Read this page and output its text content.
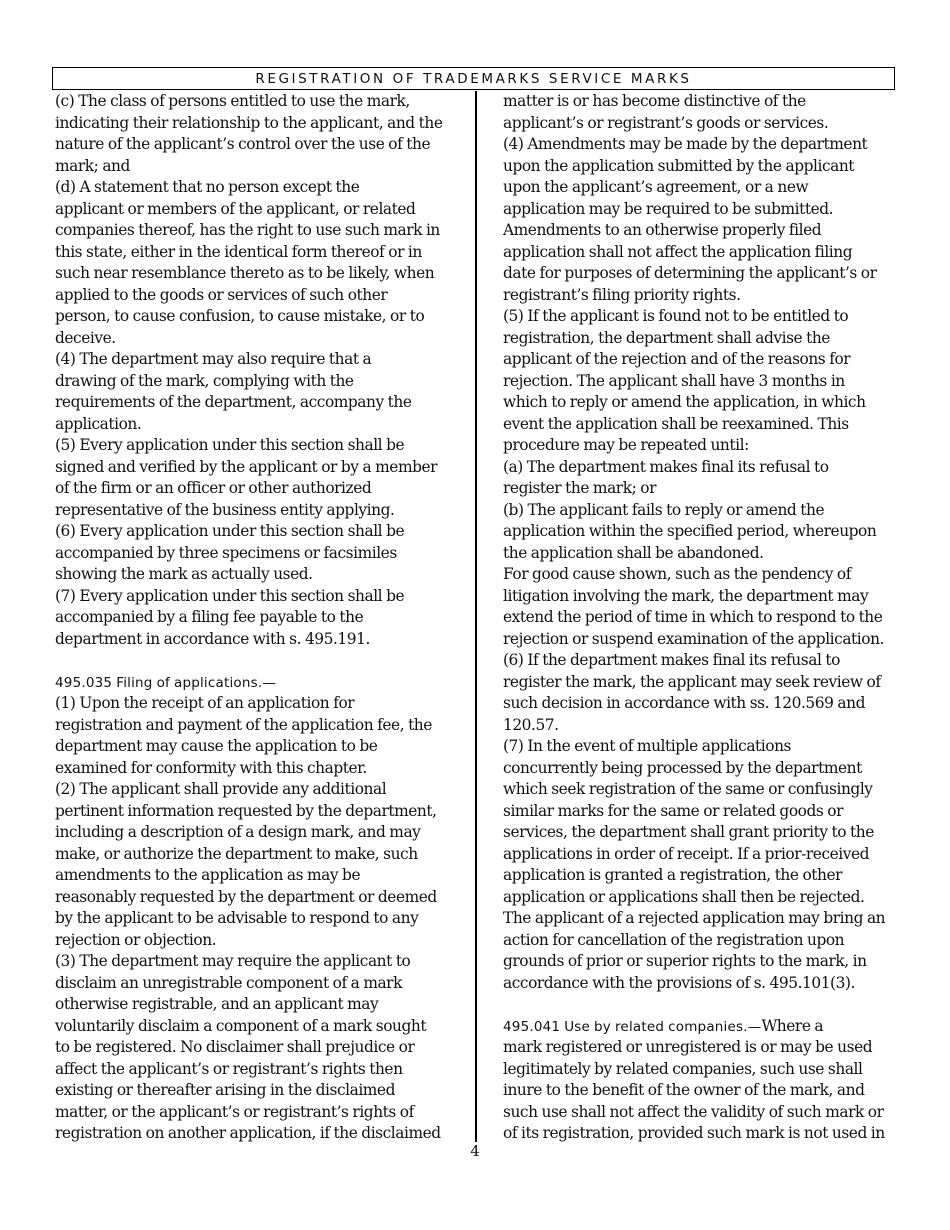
REGISTRATION OF TRADEMARKS SERVICE MARKS
(c) The class of persons entitled to use the mark,
indicating their relationship to the applicant, and the
nature of the applicant’s control over the use of the
mark; and
(d) A statement that no person except the
applicant or members of the applicant, or related
companies thereof, has the right to use such mark in
this state, either in the identical form thereof or in
such near resemblance thereto as to be likely, when
applied to the goods or services of such other
person, to cause confusion, to cause mistake, or to
deceive.
(4) The department may also require that a
drawing of the mark, complying with the
requirements of the department, accompany the
application.
(5) Every application under this section shall be
signed and verified by the applicant or by a member
of the firm or an officer or other authorized
representative of the business entity applying.
(6) Every application under this section shall be
accompanied by three specimens or facsimiles
showing the mark as actually used.
(7) Every application under this section shall be
accompanied by a filing fee payable to the
department in accordance with s. 495.191.
495.035 Filing of applications.—
(1) Upon the receipt of an application for
registration and payment of the application fee, the
department may cause the application to be
examined for conformity with this chapter.
(2) The applicant shall provide any additional
pertinent information requested by the department,
including a description of a design mark, and may
make, or authorize the department to make, such
amendments to the application as may be
reasonably requested by the department or deemed
by the applicant to be advisable to respond to any
rejection or objection.
(3) The department may require the applicant to
disclaim an unregistrable component of a mark
otherwise registrable, and an applicant may
voluntarily disclaim a component of a mark sought
to be registered. No disclaimer shall prejudice or
affect the applicant’s or registrant’s rights then
existing or thereafter arising in the disclaimed
matter, or the applicant’s or registrant’s rights of
registration on another application, if the disclaimed
matter is or has become distinctive of the
applicant’s or registrant’s goods or services.
(4) Amendments may be made by the department
upon the application submitted by the applicant
upon the applicant’s agreement, or a new
application may be required to be submitted.
Amendments to an otherwise properly filed
application shall not affect the application filing
date for purposes of determining the applicant’s or
registrant’s filing priority rights.
(5) If the applicant is found not to be entitled to
registration, the department shall advise the
applicant of the rejection and of the reasons for
rejection. The applicant shall have 3 months in
which to reply or amend the application, in which
event the application shall be reexamined. This
procedure may be repeated until:
(a) The department makes final its refusal to
register the mark; or
(b) The applicant fails to reply or amend the
application within the specified period, whereupon
the application shall be abandoned.
For good cause shown, such as the pendency of
litigation involving the mark, the department may
extend the period of time in which to respond to the
rejection or suspend examination of the application.
(6) If the department makes final its refusal to
register the mark, the applicant may seek review of
such decision in accordance with ss. 120.569 and
120.57.
(7) In the event of multiple applications
concurrently being processed by the department
which seek registration of the same or confusingly
similar marks for the same or related goods or
services, the department shall grant priority to the
applications in order of receipt. If a prior-received
application is granted a registration, the other
application or applications shall then be rejected.
The applicant of a rejected application may bring an
action for cancellation of the registration upon
grounds of prior or superior rights to the mark, in
accordance with the provisions of s. 495.101(3).
495.041 Use by related companies.—Where a
mark registered or unregistered is or may be used
legitimately by related companies, such use shall
inure to the benefit of the owner of the mark, and
such use shall not affect the validity of such mark or
of its registration, provided such mark is not used in
4
